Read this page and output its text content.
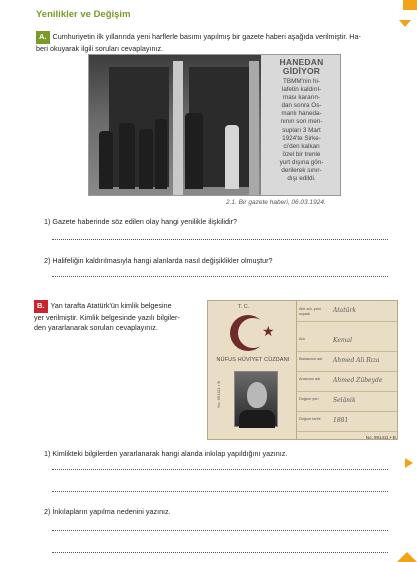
Yenilikler ve Değişim
A. Cumhuriyetin ilk yıllarında yeni harflerle basımı yapılmış bir gazete haberi aşağıda verilmiştir. Ha-
beri okuyarak ilgili soruları cevaplayınız.
HANEDAN GİDİYOR
TBMM'nin hi-
lafetin kaldırıl-
ması kararın-
dan sonra Os-
manlı haneda-
nının son men-
supları 3 Mart
1924'te Sirke-
ci'den kalkan
özel bir trenle
yurt dışına gön-
derilerek sınır-
dışı edildi.
2.1. Bir gazete haberi, 06.03.1924.
1) Gazete haberinde söz edilen olay hangi yenilikle ilişkilidir?
2) Halifeliğin kaldırılmasıyla hangi alanlarda nasıl değişiklikler olmuştur?
B. Yan tarafta Atatürk'ün kimlik belgesine
yer verilmiştir. Kimlik belgesinde yazılı bilgiler-
den yararlanarak soruları cevaplayınız.
T. C.
★
NÜFUS HÜVİYET CÜZDANI
No. 991411 • B
Aile adı, yani soyadı	Atatürk
Adı	Kemal
Babasının adı	Ahmed Ali Rıza
Anasının adı	Ahmed Zübeyde
Doğum yeri	Selânik
Doğum tarihi	1881
No. 991411 • B.
1) Kimlikteki bilgilerden yararlanarak hangi alanda inkılap yapıldığını yazınız.
2) İnkılapların yapılma nedenini yazınız.
